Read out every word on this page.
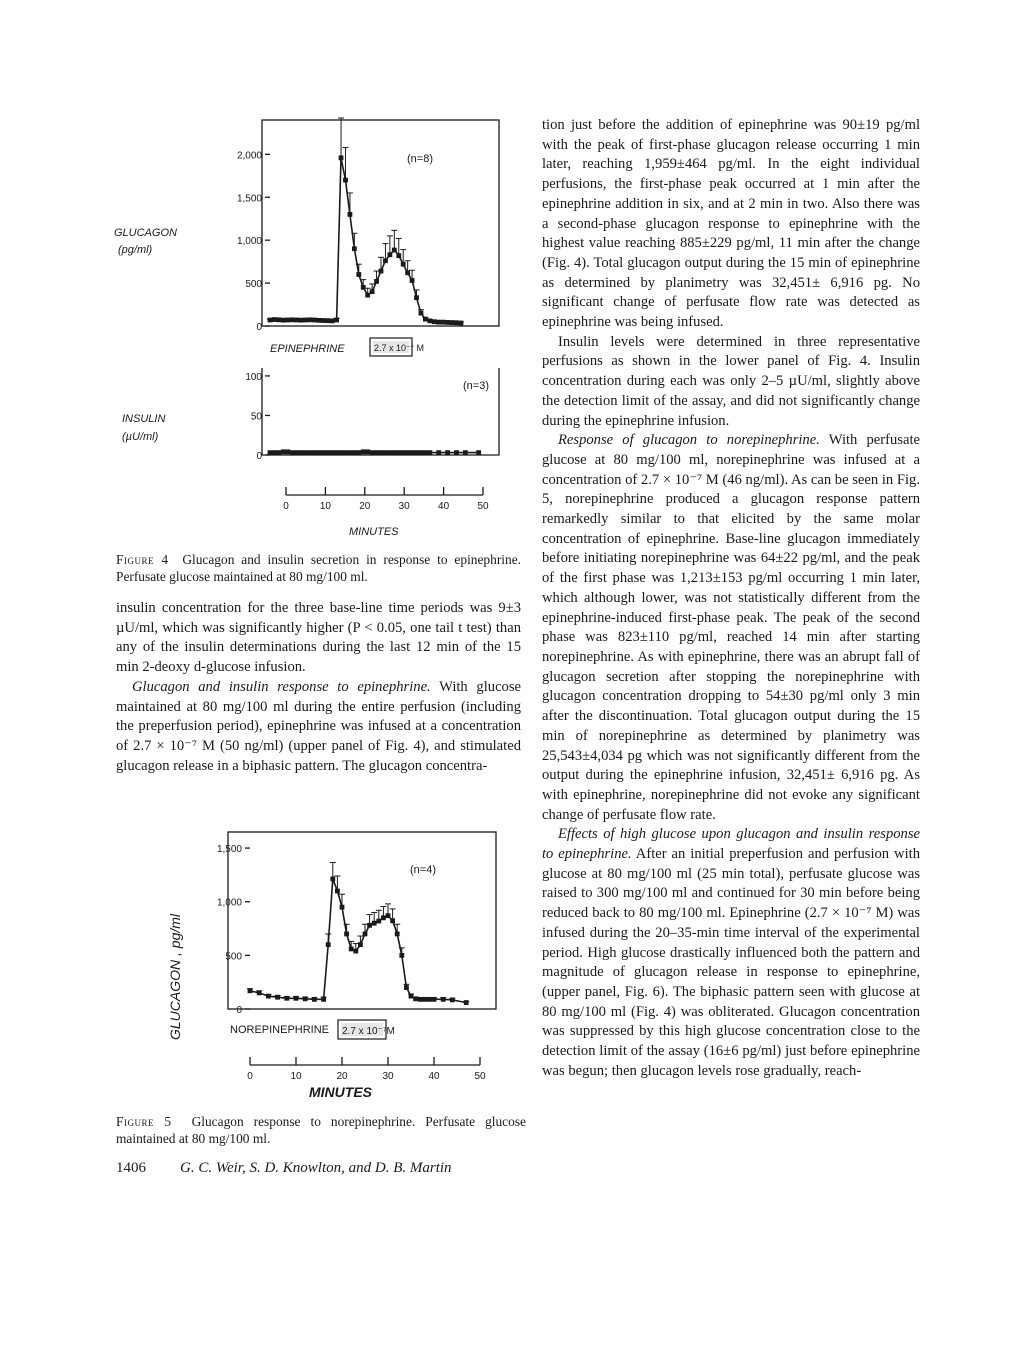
GLUCAGON
(pg/ml)
INSULIN
(µU/ml)
2,000
1,500
1,000
500
0
(n=8)
EPINEPHRINE	2.7 x 10⁻⁷ M
100
50
0
(n=3)
0	10	20	30	40	50
MINUTES
Figure 4 Glucagon and insulin secretion in response to epinephrine. Perfusate glucose maintained at 80 mg/100 ml.

insulin concentration for the three base-line time periods was 9±3 µU/ml, which was significantly higher (P < 0.05, one tail t test) than any of the insulin determinations during the last 12 min of the 15 min 2-deoxy d-glucose infusion.

Glucagon and insulin response to epinephrine. With glucose maintained at 80 mg/100 ml during the entire perfusion (including the preperfusion period), epinephrine was infused at a concentration of 2.7 × 10⁻⁷ M (50 ng/ml) (upper panel of Fig. 4), and stimulated glucagon release in a biphasic pattern. The glucagon concentra-

GLUCAGON , pg/ml
1,500
1,000
500
0
(n=4)
NOREPINEPHRINE 2.7 x 10⁻⁷M
0	10	20	30	40	50
MINUTES
Figure 5 Glucagon response to norepinephrine. Perfusate glucose maintained at 80 mg/100 ml.

tion just before the addition of epinephrine was 90±19 pg/ml with the peak of first-phase glucagon release occurring 1 min later, reaching 1,959±464 pg/ml. In the eight individual perfusions, the first-phase peak occurred at 1 min after the epinephrine addition in six, and at 2 min in two. Also there was a second-phase glucagon response to epinephrine with the highest value reaching 885±229 pg/ml, 11 min after the change (Fig. 4). Total glucagon output during the 15 min of epinephrine as determined by planimetry was 32,451± 6,916 pg. No significant change of perfusate flow rate was detected as epinephrine was being infused.

Insulin levels were determined in three representative perfusions as shown in the lower panel of Fig. 4. Insulin concentration during each was only 2–5 µU/ml, slightly above the detection limit of the assay, and did not significantly change during the epinephrine infusion.

Response of glucagon to norepinephrine. With perfusate glucose at 80 mg/100 ml, norepinephrine was infused at a concentration of 2.7 × 10⁻⁷ M (46 ng/ml). As can be seen in Fig. 5, norepinephrine produced a glucagon response pattern remarkedly similar to that elicited by the same molar concentration of epinephrine. Base-line glucagon immediately before initiating norepinephrine was 64±22 pg/ml, and the peak of the first phase was 1,213±153 pg/ml occurring 1 min later, which although lower, was not statistically different from the epinephrine-induced first-phase peak. The peak of the second phase was 823±110 pg/ml, reached 14 min after starting norepinephrine. As with epinephrine, there was an abrupt fall of glucagon secretion after stopping the norepinephrine with glucagon concentration dropping to 54±30 pg/ml only 3 min after the discontinuation. Total glucagon output during the 15 min of norepinephrine as determined by planimetry was 25,543±4,034 pg which was not significantly different from the output during the epinephrine infusion, 32,451± 6,916 pg. As with epinephrine, norepinephrine did not evoke any significant change of perfusate flow rate.

Effects of high glucose upon glucagon and insulin response to epinephrine. After an initial preperfusion and perfusion with glucose at 80 mg/100 ml (25 min total), perfusate glucose was raised to 300 mg/100 ml and continued for 30 min before being reduced back to 80 mg/100 ml. Epinephrine (2.7 × 10⁻⁷ M) was infused during the 20–35-min time interval of the experimental period. High glucose drastically influenced both the pattern and magnitude of glucagon release in response to epinephrine, (upper panel, Fig. 6). The biphasic pattern seen with glucose at 80 mg/100 ml (Fig. 4) was obliterated. Glucagon concentration was suppressed by this high glucose concentration close to the detection limit of the assay (16±6 pg/ml) just before epinephrine was begun; then glucagon levels rose gradually, reach-

1406 G. C. Weir, S. D. Knowlton, and D. B. Martin
